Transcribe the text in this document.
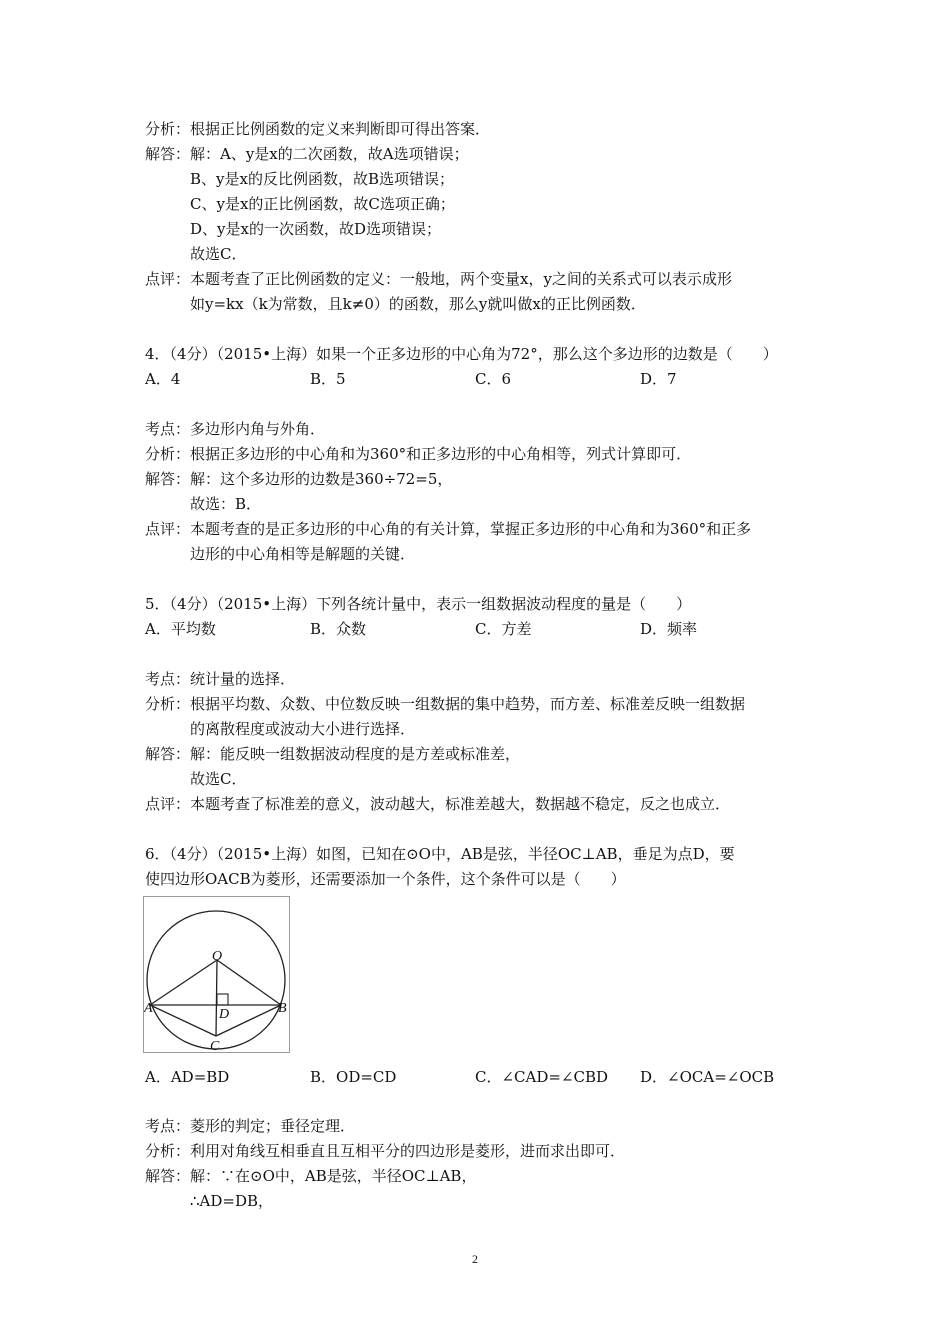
分析：根据正比例函数的定义来判断即可得出答案．
解答：解：A、y是x的二次函数，故A选项错误；
B、y是x的反比例函数，故B选项错误；
C、y是x的正比例函数，故C选项正确；
D、y是x的一次函数，故D选项错误；
故选C．
点评：本题考查了正比例函数的定义：一般地，两个变量x，y之间的关系式可以表示成形
如y=kx（k为常数，且k≠0）的函数，那么y就叫做x的正比例函数．
4．（4分）（2015•上海）如果一个正多边形的中心角为72°，那么这个多边形的边数是（　　）
A．4	B．5	C．6	D．7
考点：多边形内角与外角．
分析：根据正多边形的中心角和为360°和正多边形的中心角相等，列式计算即可．
解答：解：这个多边形的边数是360÷72=5，
故选：B．
点评：本题考查的是正多边形的中心角的有关计算，掌握正多边形的中心角和为360°和正多
边形的中心角相等是解题的关键．
5．（4分）（2015•上海）下列各统计量中，表示一组数据波动程度的量是（　　）
A．平均数	B．众数	C．方差	D．频率
考点：统计量的选择．
分析：根据平均数、众数、中位数反映一组数据的集中趋势，而方差、标准差反映一组数据
的离散程度或波动大小进行选择．
解答：解：能反映一组数据波动程度的是方差或标准差，
故选C．
点评：本题考查了标准差的意义，波动越大，标准差越大，数据越不稳定，反之也成立．
6．（4分）（2015•上海）如图，已知在⊙O中，AB是弦，半径OC⊥AB，垂足为点D，要
使四边形OACB为菱形，还需要添加一个条件，这个条件可以是（　　）
O
A	B
D
C
A．AD=BD	B．OD=CD	C．∠CAD=∠CBD D．∠OCA=∠OCB
考点：菱形的判定；垂径定理．
分析：利用对角线互相垂直且互相平分的四边形是菱形，进而求出即可．
解答：解：∵在⊙O中，AB是弦，半径OC⊥AB，
∴AD=DB，
2
